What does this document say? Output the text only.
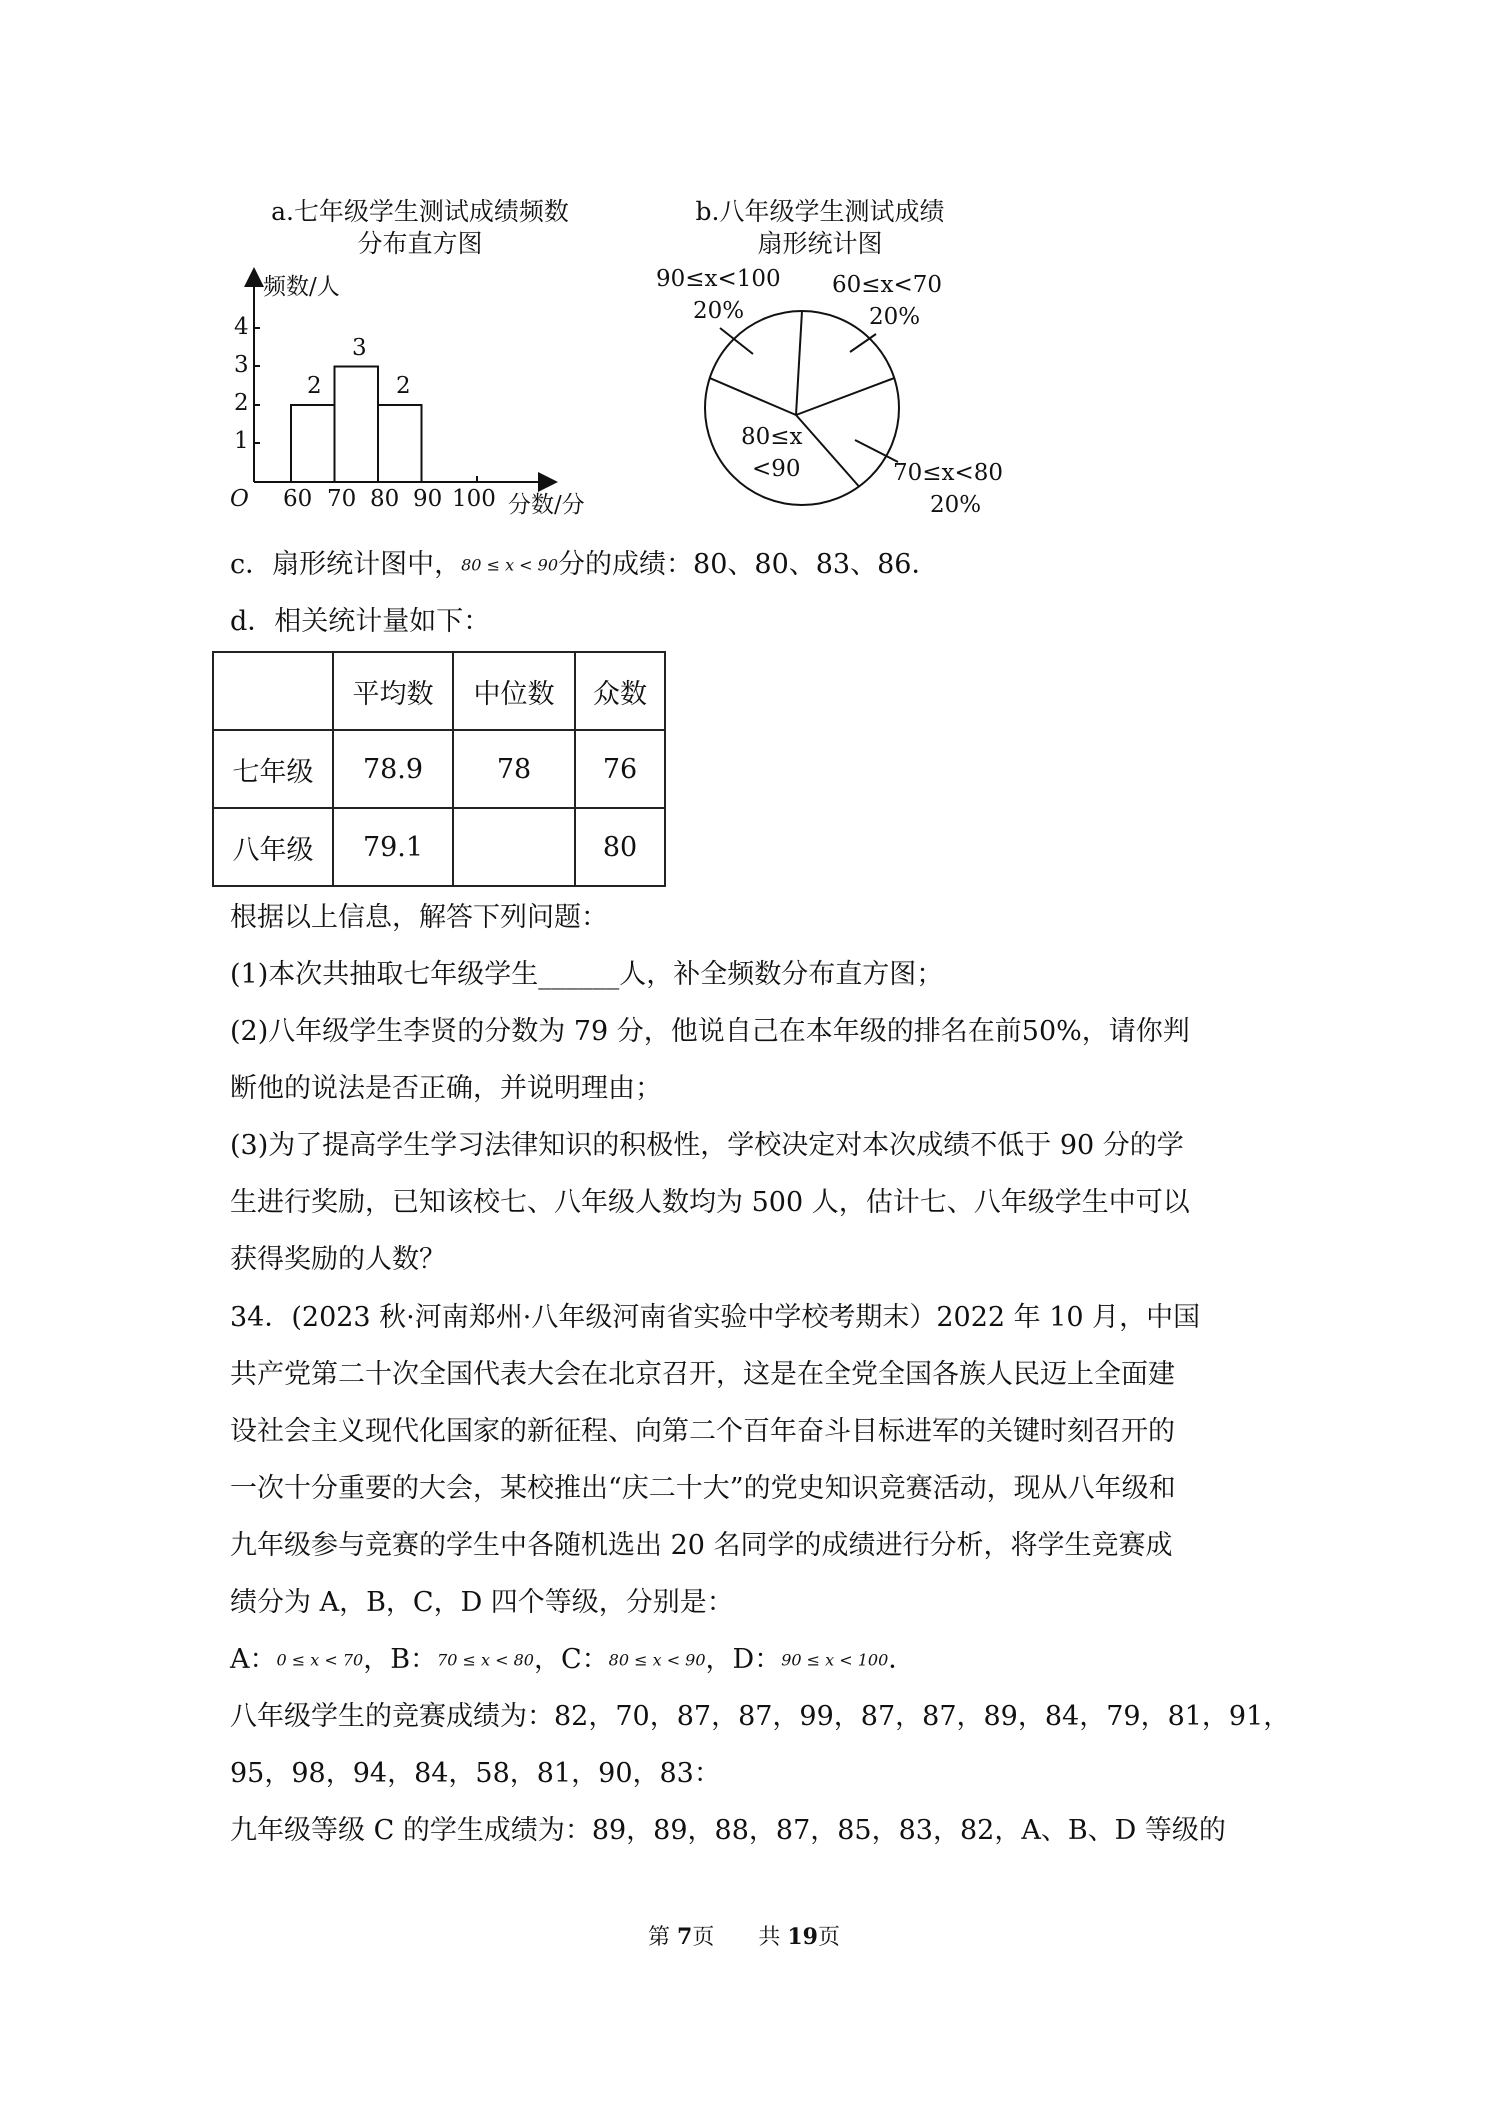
a.七年级学生测试成绩频数
分布直方图
频数/人
1
2
3
4
O 60 70 80 90 100 分数/分
2
3
2
b.八年级学生测试成绩
扇形统计图
90≤x<100
20%
60≤x<70
20%
80≤x
<90	70≤x<80
20%
c．扇形统计图中，80 ≤ x < 90分的成绩：80、80、83、86．
d．相关统计量如下：
	平均数	中位数	众数
七年级	78.9	78	76
八年级	79.1		80
根据以上信息，解答下列问题：
(1)本次共抽取七年级学生______人，补全频数分布直方图；
(2)八年级学生李贤的分数为 79 分，他说自己在本年级的排名在前50%，请你判
断他的说法是否正确，并说明理由；
(3)为了提高学生学习法律知识的积极性，学校决定对本次成绩不低于 90 分的学
生进行奖励，已知该校七、八年级人数均为 500 人，估计七、八年级学生中可以
获得奖励的人数？
34．(2023 秋·河南郑州·八年级河南省实验中学校考期末）2022 年 10 月，中国
共产党第二十次全国代表大会在北京召开，这是在全党全国各族人民迈上全面建
设社会主义现代化国家的新征程、向第二个百年奋斗目标进军的关键时刻召开的
一次十分重要的大会，某校推出“庆二十大”的党史知识竞赛活动，现从八年级和
九年级参与竞赛的学生中各随机选出 20 名同学的成绩进行分析，将学生竞赛成
绩分为 A，B，C，D 四个等级，分别是：
A：0 ≤ x < 70，B：70 ≤ x < 80，C：80 ≤ x < 90，D：90 ≤ x < 100．
八年级学生的竞赛成绩为：82，70，87，87，99，87，87，89，84，79，81，91，
95，98，94，84，58，81，90，83：
九年级等级 C 的学生成绩为：89，89，88，87，85，83，82，A、B、D 等级的
第 7页　　共 19页
